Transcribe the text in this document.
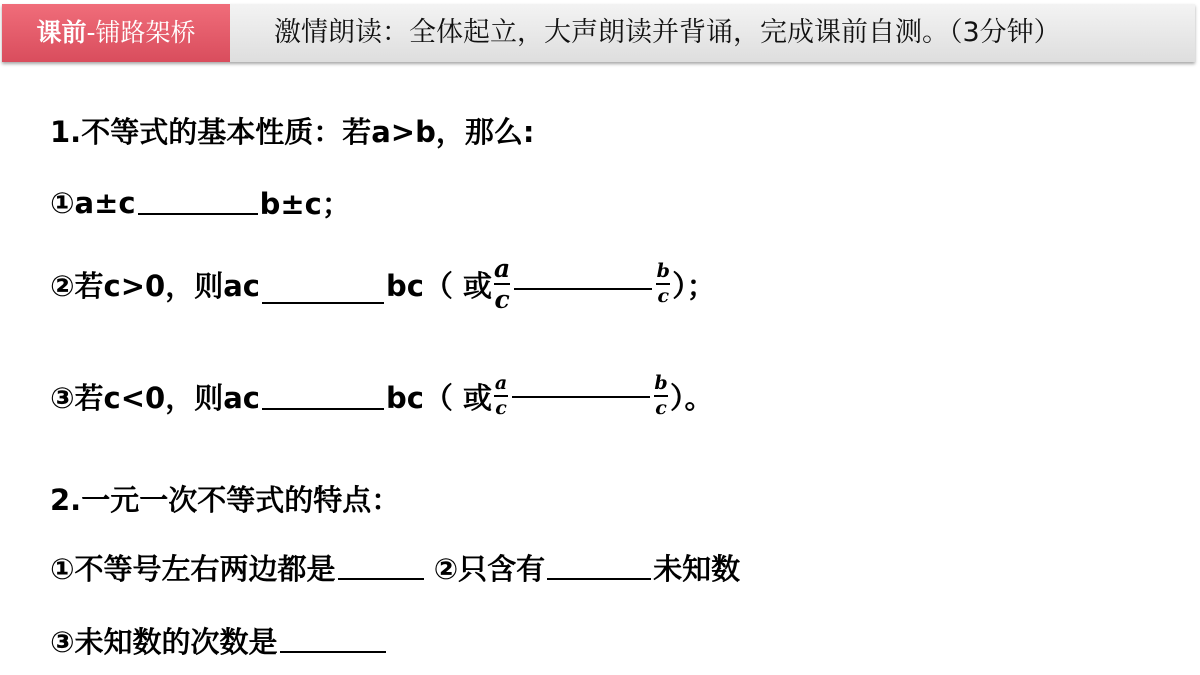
课前-铺路架桥	激情朗读：全体起立，大声朗读并背诵，完成课前自测。（3分钟）
1.不等式的基本性质：若a>b，那么:
①a±c	b±c；
②若c>0，则ac	bc（ 或 $\frac{a}{c}$	$\frac{b}{c}$ ）；
③若c<0，则ac	bc（ 或 $\frac{a}{c}$	$\frac{b}{c}$ ）。
2.一元一次不等式的特点：
①不等号左右两边都是	②只含有	未知数
③未知数的次数是
